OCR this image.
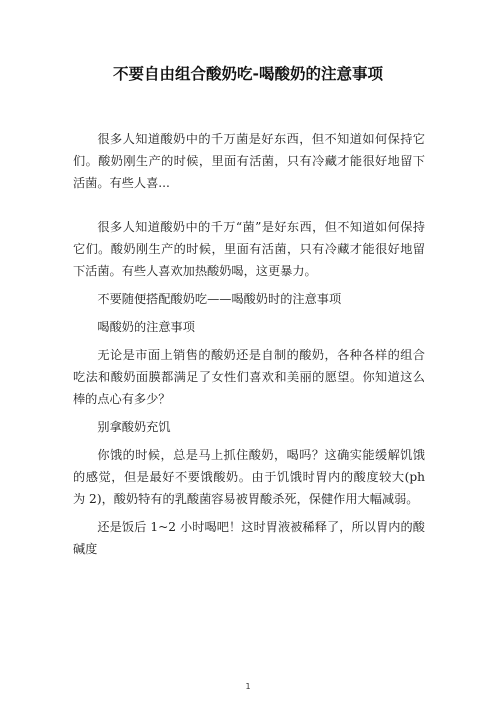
不要自由组合酸奶吃-喝酸奶的注意事项

很多人知道酸奶中的千万菌是好东西，但不知道如何保持它们。酸奶刚生产的时候，里面有活菌，只有冷藏才能很好地留下活菌。有些人喜...

很多人知道酸奶中的千万“菌”是好东西，但不知道如何保持它们。酸奶刚生产的时候，里面有活菌，只有冷藏才能很好地留下活菌。有些人喜欢加热酸奶喝，这更暴力。

不要随便搭配酸奶吃——喝酸奶时的注意事项

喝酸奶的注意事项

无论是市面上销售的酸奶还是自制的酸奶，各种各样的组合吃法和酸奶面膜都满足了女性们喜欢和美丽的愿望。你知道这么棒的点心有多少？

别拿酸奶充饥

你饿的时候，总是马上抓住酸奶，喝吗？这确实能缓解饥饿的感觉，但是最好不要饿酸奶。由于饥饿时胃内的酸度较大(ph 为 2)，酸奶特有的乳酸菌容易被胃酸杀死，保健作用大幅减弱。

还是饭后 1~2 小时喝吧！这时胃液被稀释了，所以胃内的酸碱度

1
